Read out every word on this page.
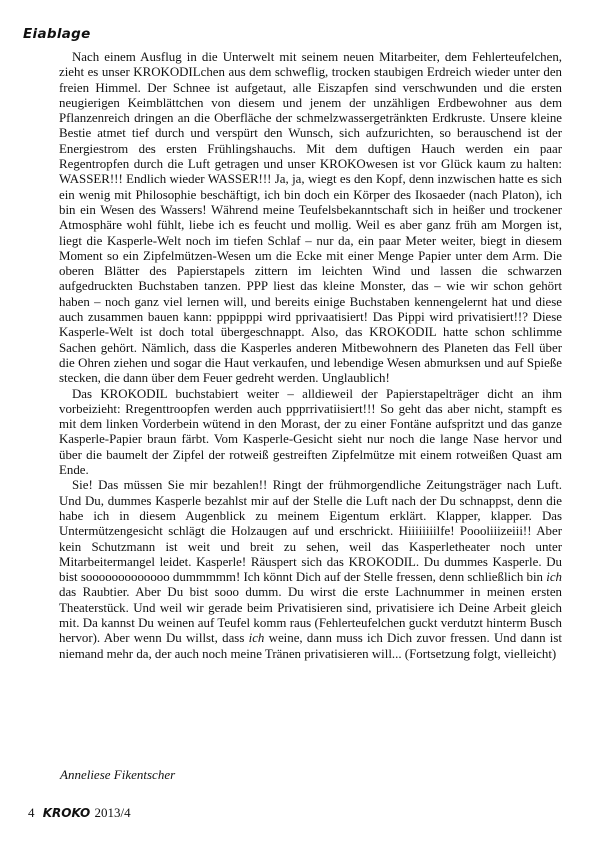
Eiablage

Nach einem Ausflug in die Unterwelt mit seinem neuen Mitarbeiter, dem Fehlerteufelchen, zieht es unser KROKODILchen aus dem schweflig, trocken staubigen Erdreich wieder unter den freien Himmel. Der Schnee ist aufgetaut, alle Eiszapfen sind verschwunden und die ersten neugierigen Keimblättchen von diesem und jenem der unzähligen Erdbewohner aus dem Pflanzenreich dringen an die Oberfläche der schmelzwassergetränkten Erdkruste. Unsere kleine Bestie atmet tief durch und verspürt den Wunsch, sich aufzurichten, so berauschend ist der Energiestrom des ersten Frühlingshauchs. Mit dem duftigen Hauch werden ein paar Regentropfen durch die Luft getragen und unser KROKOwesen ist vor Glück kaum zu halten: WASSER!!! Endlich wieder WASSER!!! Ja, ja, wiegt es den Kopf, denn inzwischen hatte es sich ein wenig mit Philosophie beschäftigt, ich bin doch ein Körper des Ikosaeder (nach Platon), ich bin ein Wesen des Wassers! Während meine Teufelsbekanntschaft sich in heißer und trockener Atmosphäre wohl fühlt, liebe ich es feucht und mollig. Weil es aber ganz früh am Morgen ist, liegt die Kasperle-Welt noch im tiefen Schlaf – nur da, ein paar Meter weiter, biegt in diesem Moment so ein Zipfelmützen-Wesen um die Ecke mit einer Menge Papier unter dem Arm. Die oberen Blätter des Papierstapels zittern im leichten Wind und lassen die schwarzen aufgedruckten Buchstaben tanzen. PPP liest das kleine Monster, das – wie wir schon gehört haben – noch ganz viel lernen will, und bereits einige Buchstaben kennengelernt hat und diese auch zusammen bauen kann: pppipppi wird pprivaatisiert! Das Pippi wird privatisiert!!? Diese Kasperle-Welt ist doch total übergeschnappt. Also, das KROKODIL hatte schon schlimme Sachen gehört. Nämlich, dass die Kasperles anderen Mitbewohnern des Planeten das Fell über die Ohren ziehen und sogar die Haut verkaufen, und lebendige Wesen abmurksen und auf Spieße stecken, die dann über dem Feuer gedreht werden. Unglaublich!

Das KROKODIL buchstabiert weiter – alldieweil der Papierstapelträger dicht an ihm vorbeizieht: Rregenttroopfen werden auch ppprrivatiisiert!!! So geht das aber nicht, stampft es mit dem linken Vorderbein wütend in den Morast, der zu einer Fontäne aufspritzt und das ganze Kasperle-Papier braun färbt. Vom Kasperle-Gesicht sieht nur noch die lange Nase hervor und über die baumelt der Zipfel der rotweiß gestreiften Zipfelmütze mit einem rotweißen Quast am Ende.

Sie! Das müssen Sie mir bezahlen!! Ringt der frühmorgendliche Zeitungsträger nach Luft. Und Du, dummes Kasperle bezahlst mir auf der Stelle die Luft nach der Du schnappst, denn die habe ich in diesem Augenblick zu meinem Eigentum erklärt. Klapper, klapper. Das Untermützengesicht schlägt die Holzaugen auf und erschrickt. Hiiiiiiiilfe! Poooliiizeiii!! Aber kein Schutzmann ist weit und breit zu sehen, weil das Kasperletheater noch unter Mitarbeitermangel leidet. Kasperle! Räuspert sich das KROKODIL. Du dummes Kasperle. Du bist sooooooooooooo dummmmm! Ich könnt Dich auf der Stelle fressen, denn schließlich bin ich das Raubtier. Aber Du bist sooo dumm. Du wirst die erste Lachnummer in meinen ersten Theaterstück. Und weil wir gerade beim Privatisieren sind, privatisiere ich Deine Arbeit gleich mit. Da kannst Du weinen auf Teufel komm raus (Fehlerteufelchen guckt verdutzt hinterm Busch hervor). Aber wenn Du willst, dass ich weine, dann muss ich Dich zuvor fressen. Und dann ist niemand mehr da, der auch noch meine Tränen privatisieren will... (Fortsetzung folgt, vielleicht)

Anneliese Fikentscher
4 KROKO 2013/4
